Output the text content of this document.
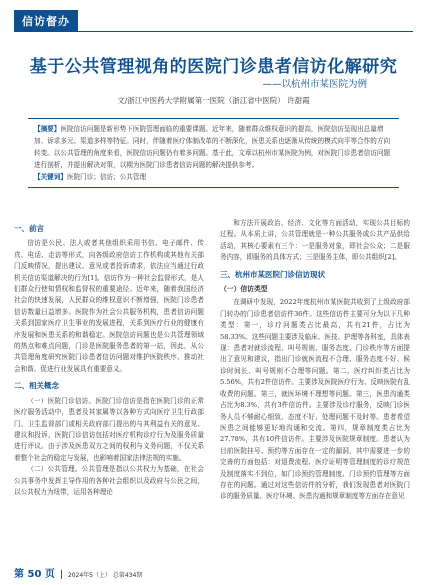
信访督办
基于公共管理视角的医院门诊患者信访化解研究
——以杭州市某医院为例
文/浙江中医药大学附属第一医院（浙江省中医院） 许甜霞
【摘要】医院信访问题是新形势下医院管理面临的重要课题。近年来，随着群众维权意识的提高，医院信访呈现出总量增加、诉求多元、渠道多样等特征。同时，伴随着医疗体制改革的不断深化，医患关系也逐渐从传统的模式向平等合作的方向转变。以公共管理的角度来看，医院信访问题仍有着多问题。基于此，文章以杭州市某医院为例，对医院门诊患者信访问题进行剖析，并提出解决对策，以期为医院门诊患者信访问题的解决提供参考。
【关键词】医院门诊；信访；公共管理
一、前言

信访是公民、法人或者其他组织采用书信、电子邮件、传真、电话、走访等形式，向各级政府信访工作机构或其他有关部门反映情况，提出建议、意见或者投诉请求，依法应当通过行政机关信访渠道解决的行为[1]。信访作为一种社会监督形式，是人们群众行使知情权和监督权的重要途径。近年来，随着我国经济社会的快速发展，人民群众的维权意识不断增强，医院门诊患者信访数量日益增多。医院作为社会公共服务机构，患者信访问题关系到国家医疗卫生事业的发展进程，关系到医疗行业的健康有序发展和医患关系的和谐稳定。医院信访问题也是公共管理领域的热点和难点问题，门诊是医院服务患者的第一站，因此，从公共管理角度研究医院门诊患者信访问题对维护医院秩序、推动社会和谐、促进行业发展具有重要意义。

二、相关概念

（一）医院门诊信访。医院门诊信访是指在医院门诊的正常医疗服务活动中，患者及其家属等以各种方式向医疗卫生行政部门、卫生监督部门或相关政府部门提出的与其利益有关的意见、建议和投诉，医院门诊信访包括对医疗机构诊疗行为及服务质量进行评议。由于涉及医患双方之间的权利与义务问题，不仅关系着整个社会的稳定与发展，也影响着国家法律法规的实施。

（二）公共管理。公共管理是指以公共权力为基础，在社会公共事务中发挥主导作用的各种社会组织以及政府与公民之间，以公共权力为纽带，运用各种理论

和方法开展政治、经济、文化等方面活动，实现公共目标的过程。从本质上讲，公共管理就是一种公共服务或公共产品供给活动，其核心要素有三个：一是服务对象，即社会公众；二是服务内容，即服务的具体方式；三是服务主体，即公共组织[2]。

三、杭州市某医院门诊信访现状
（一）信访类型

在调研中发现，2022年度杭州市某医院共收到了上级政府部门转办的门诊患者信访件36件。这些信访件主要可分为以下几种类型：第一，诊疗问题类占比最高，共有21件，占比为58.33%。这些问题主要涉及临床、医技、护理等各科室，具体表现：患者对就诊流程、叫号规则、服务态度、门诊秩序等方面提出了意见和建议，指出门诊就医流程不合理、服务态度不好、候诊时间长、叫号规则不合理等问题。第二，医疗纠纷类占比为5.56%，共有2件信访件。主要涉及医院医疗行为、反映医院有乱收费的问题。第三，就医环境不理想等问题。第三，医患沟通类占比为8.3%，共有3件信访件。主要涉及诊疗服务，反映门诊医务人员不够耐心细致、态度不好、处理问题不及时等。患者希望医患之间能够更好地沟通和交流。第四，规章制度类占比为27.78%，共有10件信访件。主要涉及医院规章制度。患者认为目前医院挂号、预约等方面存在一定的漏洞，其中需要进一步的完善的方面包括：对退费流程、医疗证明等管理制度的诊疗规范及制度落实不到位，如门诊预约管理制度、门诊预约管理等方面存在的问题。通过对这些信访件的分析，我们发现患者对医院门诊的服务质量、医疗环境、医患沟通和规章制度等方面存在意见

第 50 页 2024年5（上） 总第434期
